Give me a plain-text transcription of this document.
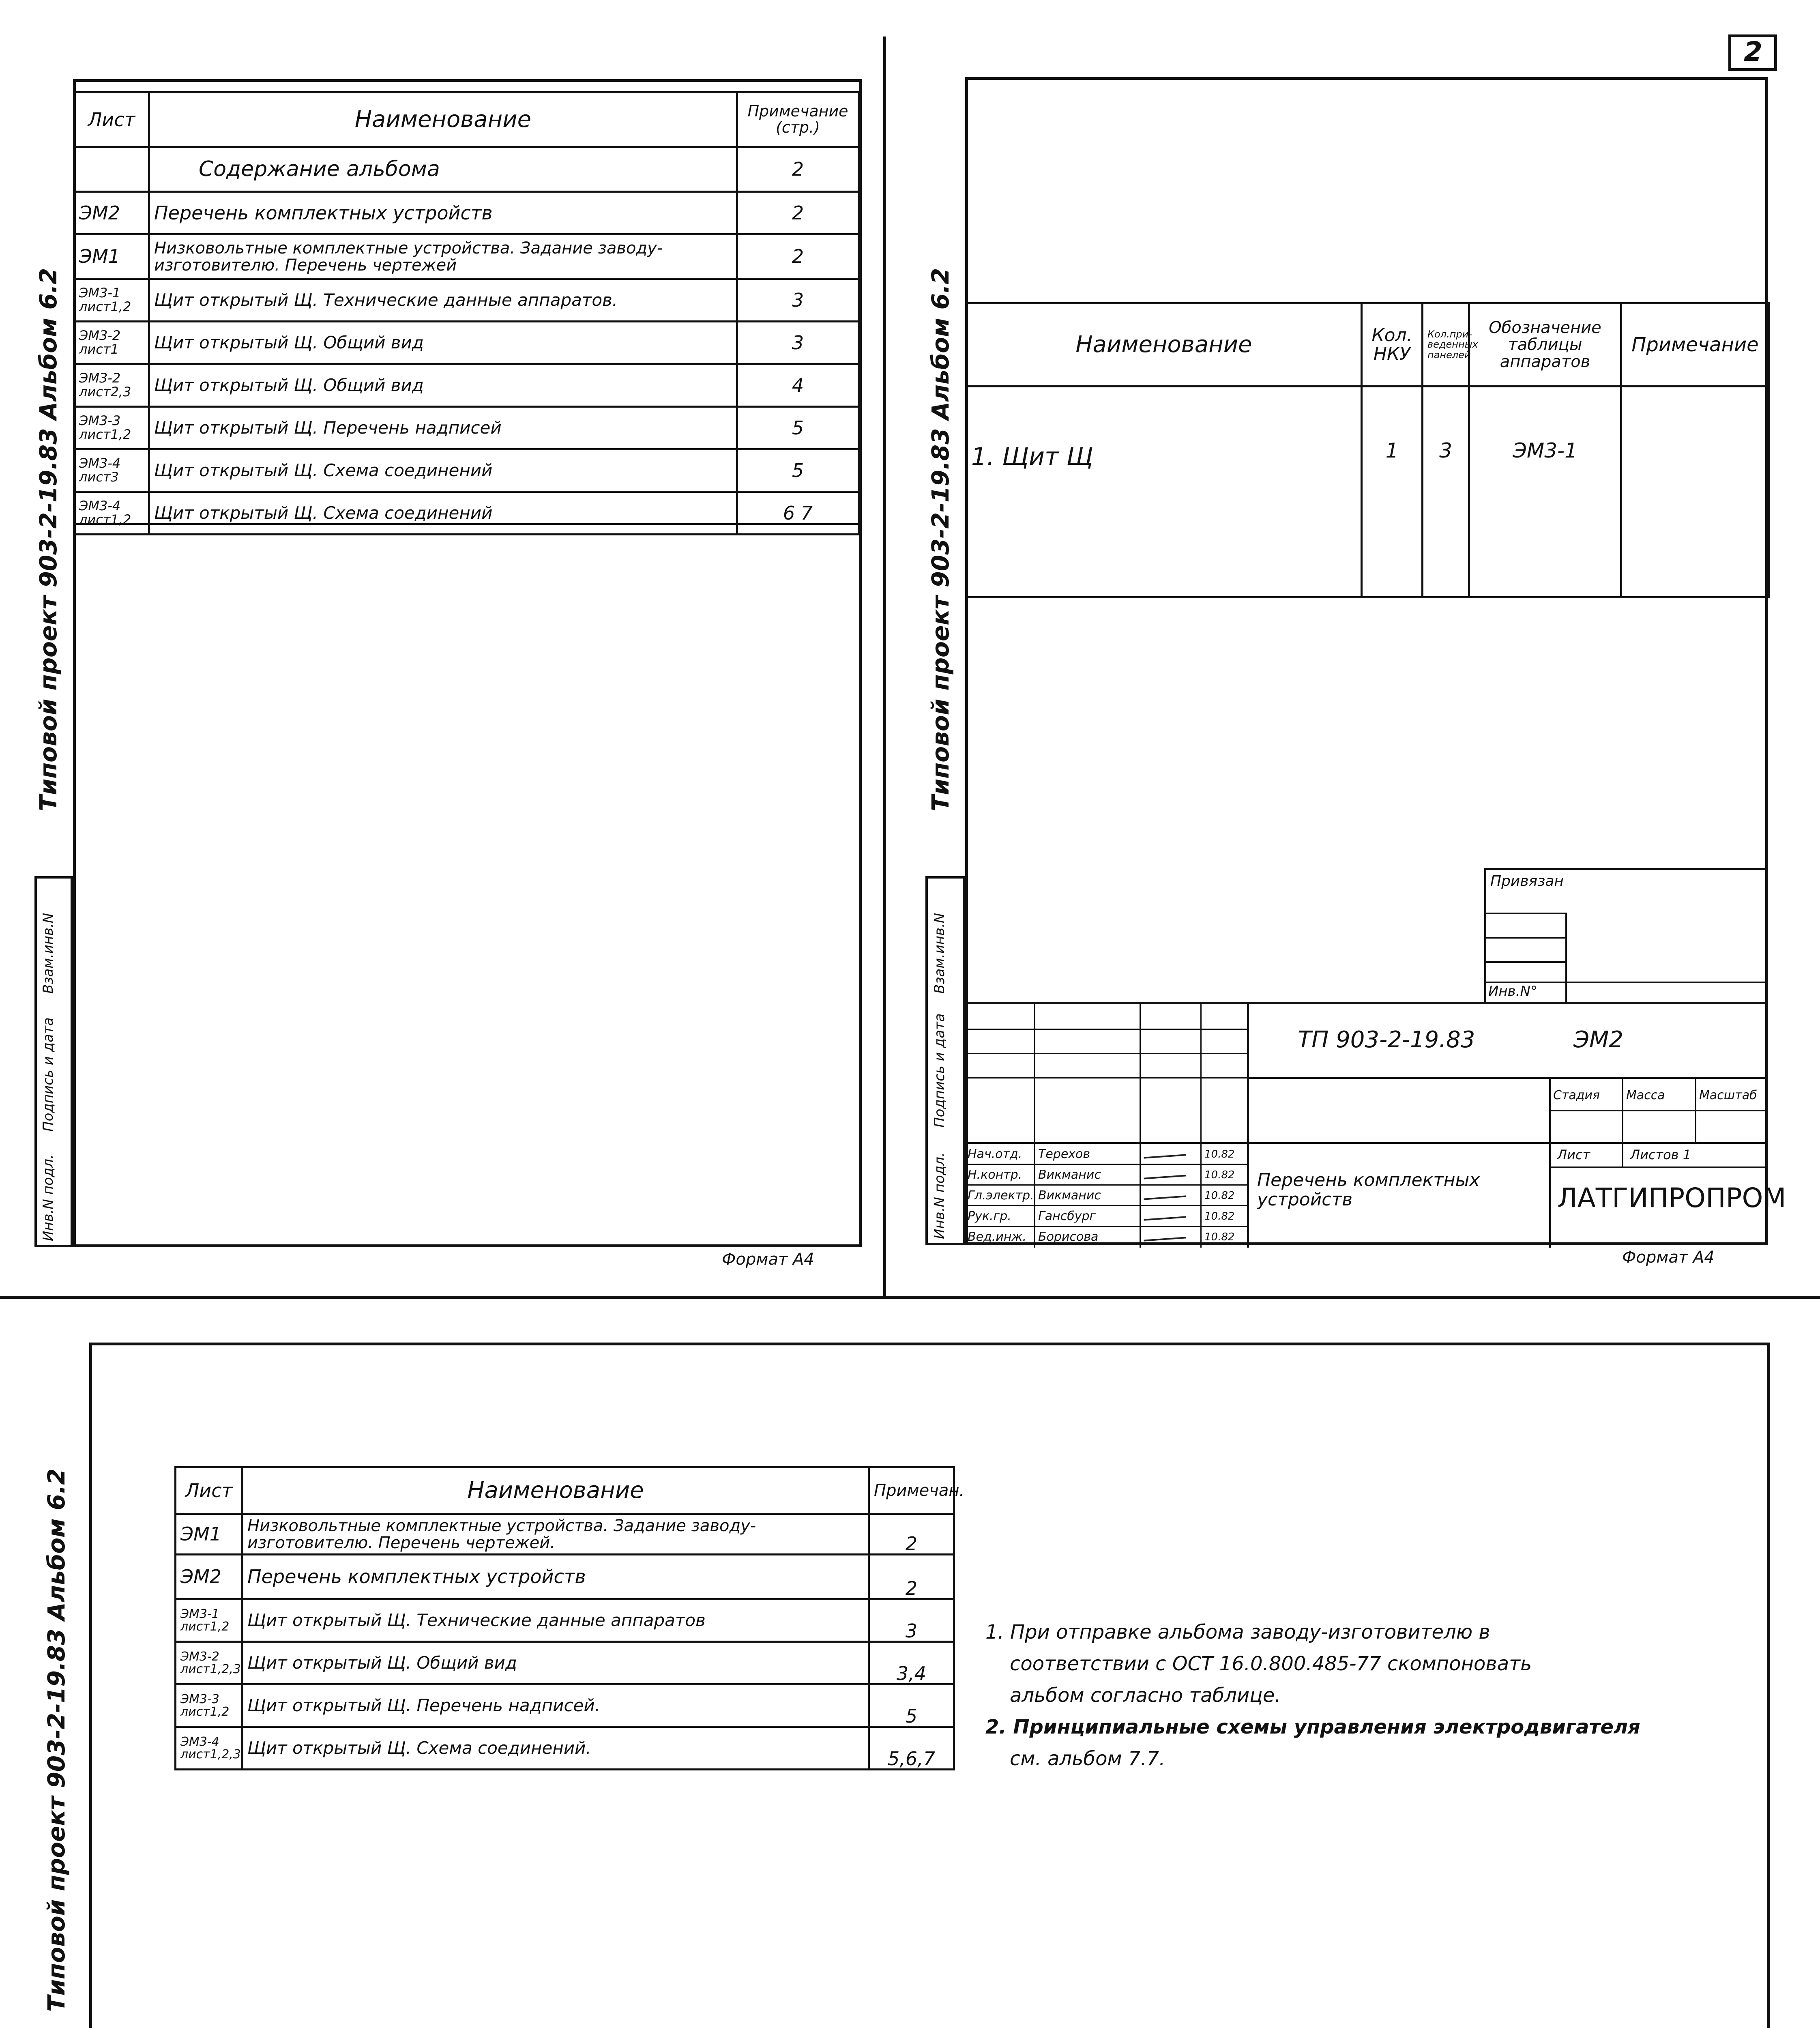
2
Типовой проект 903-2-19.83 Альбом 6.2
Инв.N подл.
Подпись и дата
Взам.инв.N
Лист	Наименование	Примечание (стр.)
	Содержание альбома	2
ЭМ2	Перечень комплектных устройств	2
ЭМ1	Низковольтные комплектные устройства. Задание заводу-изготовителю. Перечень чертежей	2
ЭМ3-1 лист1,2	Щит открытый Щ. Технические данные аппаратов.	3
ЭМ3-2 лист1	Щит открытый Щ. Общий вид	3
ЭМ3-2 лист2,3	Щит открытый Щ. Общий вид	4
ЭМ3-3 лист1,2	Щит открытый Щ. Перечень надписей	5
ЭМ3-4 лист3	Щит открытый Щ. Схема соединений	5
ЭМ3-4 лист1,2	Щит открытый Щ. Схема соединений	6 7
Формат А4
Типовой проект 903-2-19.83 Альбом 6.2
Инв.N подл.
Подпись и дата
Взам.инв.N
Наименование	Кол. НКУ	Кол.при- веденных панелей	Обозначение таблицы аппаратов	Примечание
1. Щит Щ	1	3	ЭМ3-1	
Привязан
Инв.N°
ТП 903-2-19.83	ЭМ2
Стадия Масса	Масштаб
Лист	Листов 1
Перечень комплектных устройств	ЛАТГИПРОПРОМ
Нач.отд. Терехов	10.82
Н.контр. Викманис	10.82
Гл.электр. Викманис	10.82
Рук.гр. Гансбург	10.82
Вед.инж. Борисова	10.82
Формат А4
Типовой проект 903-2-19.83 Альбом 6.2	Лист	Наименование	Примечан.
ЭМ1	Низковольтные комплектные устройства. Задание заводу-изготовителю. Перечень чертежей.	2
ЭМ2	Перечень комплектных устройств	2
ЭМ3-1 лист1,2	Щит открытый Щ. Технические данные аппаратов	3
ЭМ3-2 лист1,2,3	Щит открытый Щ. Общий вид	3,4
ЭМ3-3 лист1,2	Щит открытый Щ. Перечень надписей.	5
ЭМ3-4 лист1,2,3	Щит открытый Щ. Схема соединений.	5,6,7
1. При отправке альбома заводу-изготовителю в
соответствии с ОСТ 16.0.800.485-77 скомпоновать
альбом согласно таблице.
2. Принципиальные схемы управления электродвигателя
см. альбом 7.7.
